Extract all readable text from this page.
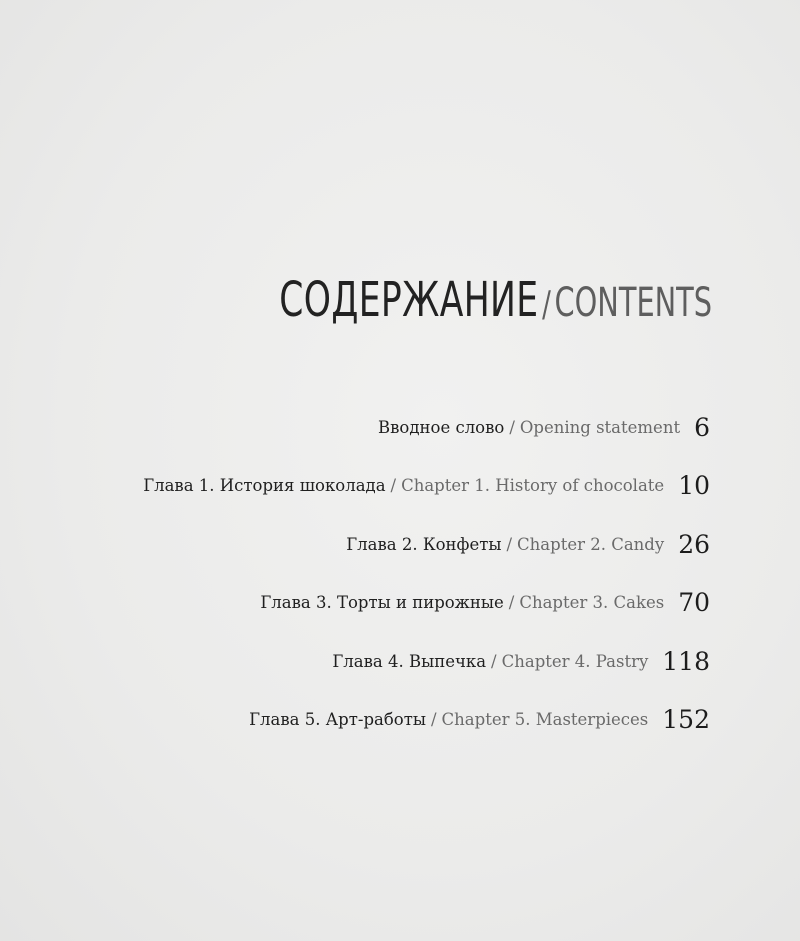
СОДЕРЖАНИЕ / CONTENTS
Вводное слово / Opening statement 6
Глава 1. История шоколада / Chapter 1. History of chocolate 10
Глава 2. Конфеты / Chapter 2. Candy 26
Глава 3. Торты и пирожные / Chapter 3. Cakes 70
Глава 4. Выпечка / Chapter 4. Pastry 118
Глава 5. Арт-работы / Chapter 5. Masterpieces 152
